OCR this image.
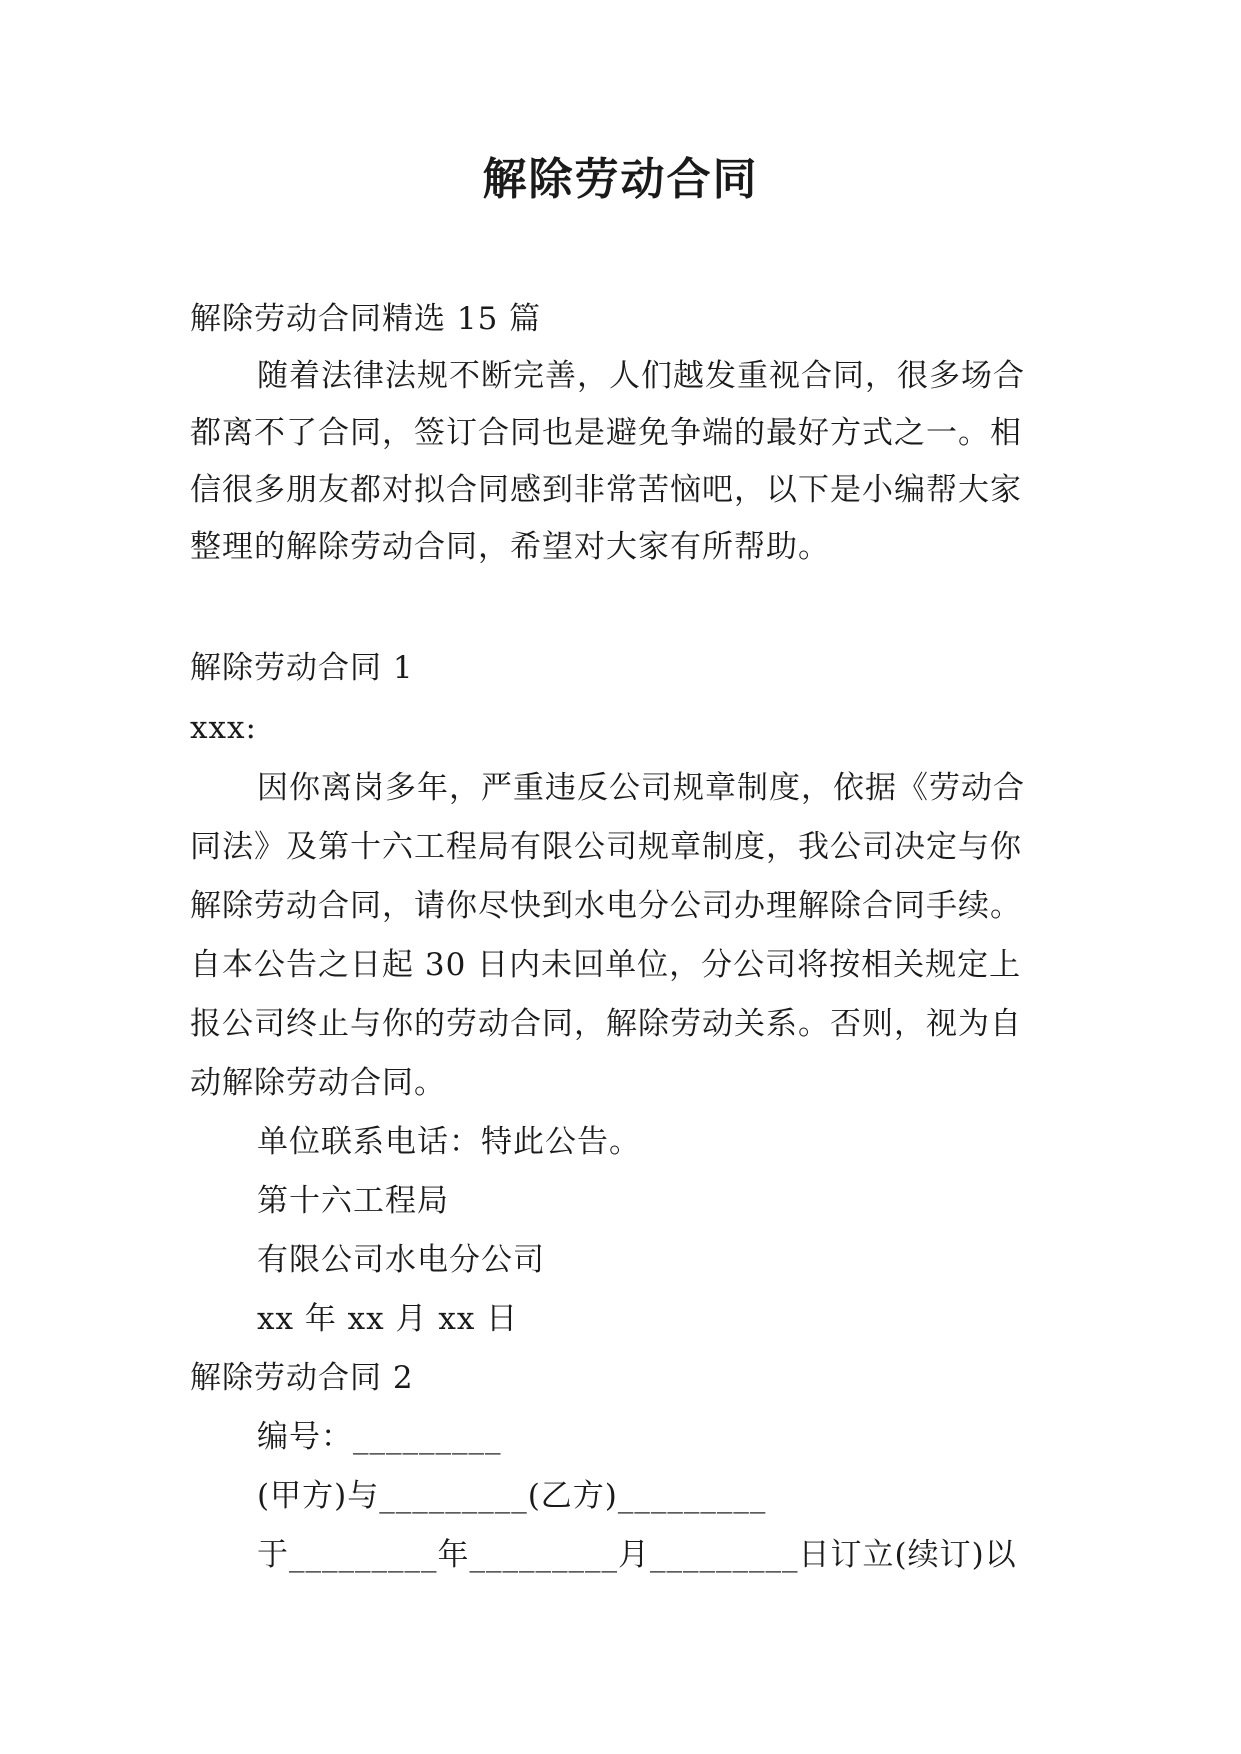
解除劳动合同
解除劳动合同精选 15 篇
随着法律法规不断完善，人们越发重视合同，很多场合
都离不了合同，签订合同也是避免争端的最好方式之一。相
信很多朋友都对拟合同感到非常苦恼吧，以下是小编帮大家
整理的解除劳动合同，希望对大家有所帮助。
解除劳动合同 1
xxx:
因你离岗多年，严重违反公司规章制度，依据《劳动合
同法》及第十六工程局有限公司规章制度，我公司决定与你
解除劳动合同，请你尽快到水电分公司办理解除合同手续。
自本公告之日起 30 日内未回单位，分公司将按相关规定上
报公司终止与你的劳动合同，解除劳动关系。否则，视为自
动解除劳动合同。
单位联系电话：特此公告。
第十六工程局
有限公司水电分公司
xx 年 xx 月 xx 日
解除劳动合同 2
编号：_________
(甲方)与_________(乙方)_________
于_________年_________月_________日订立(续订)以
